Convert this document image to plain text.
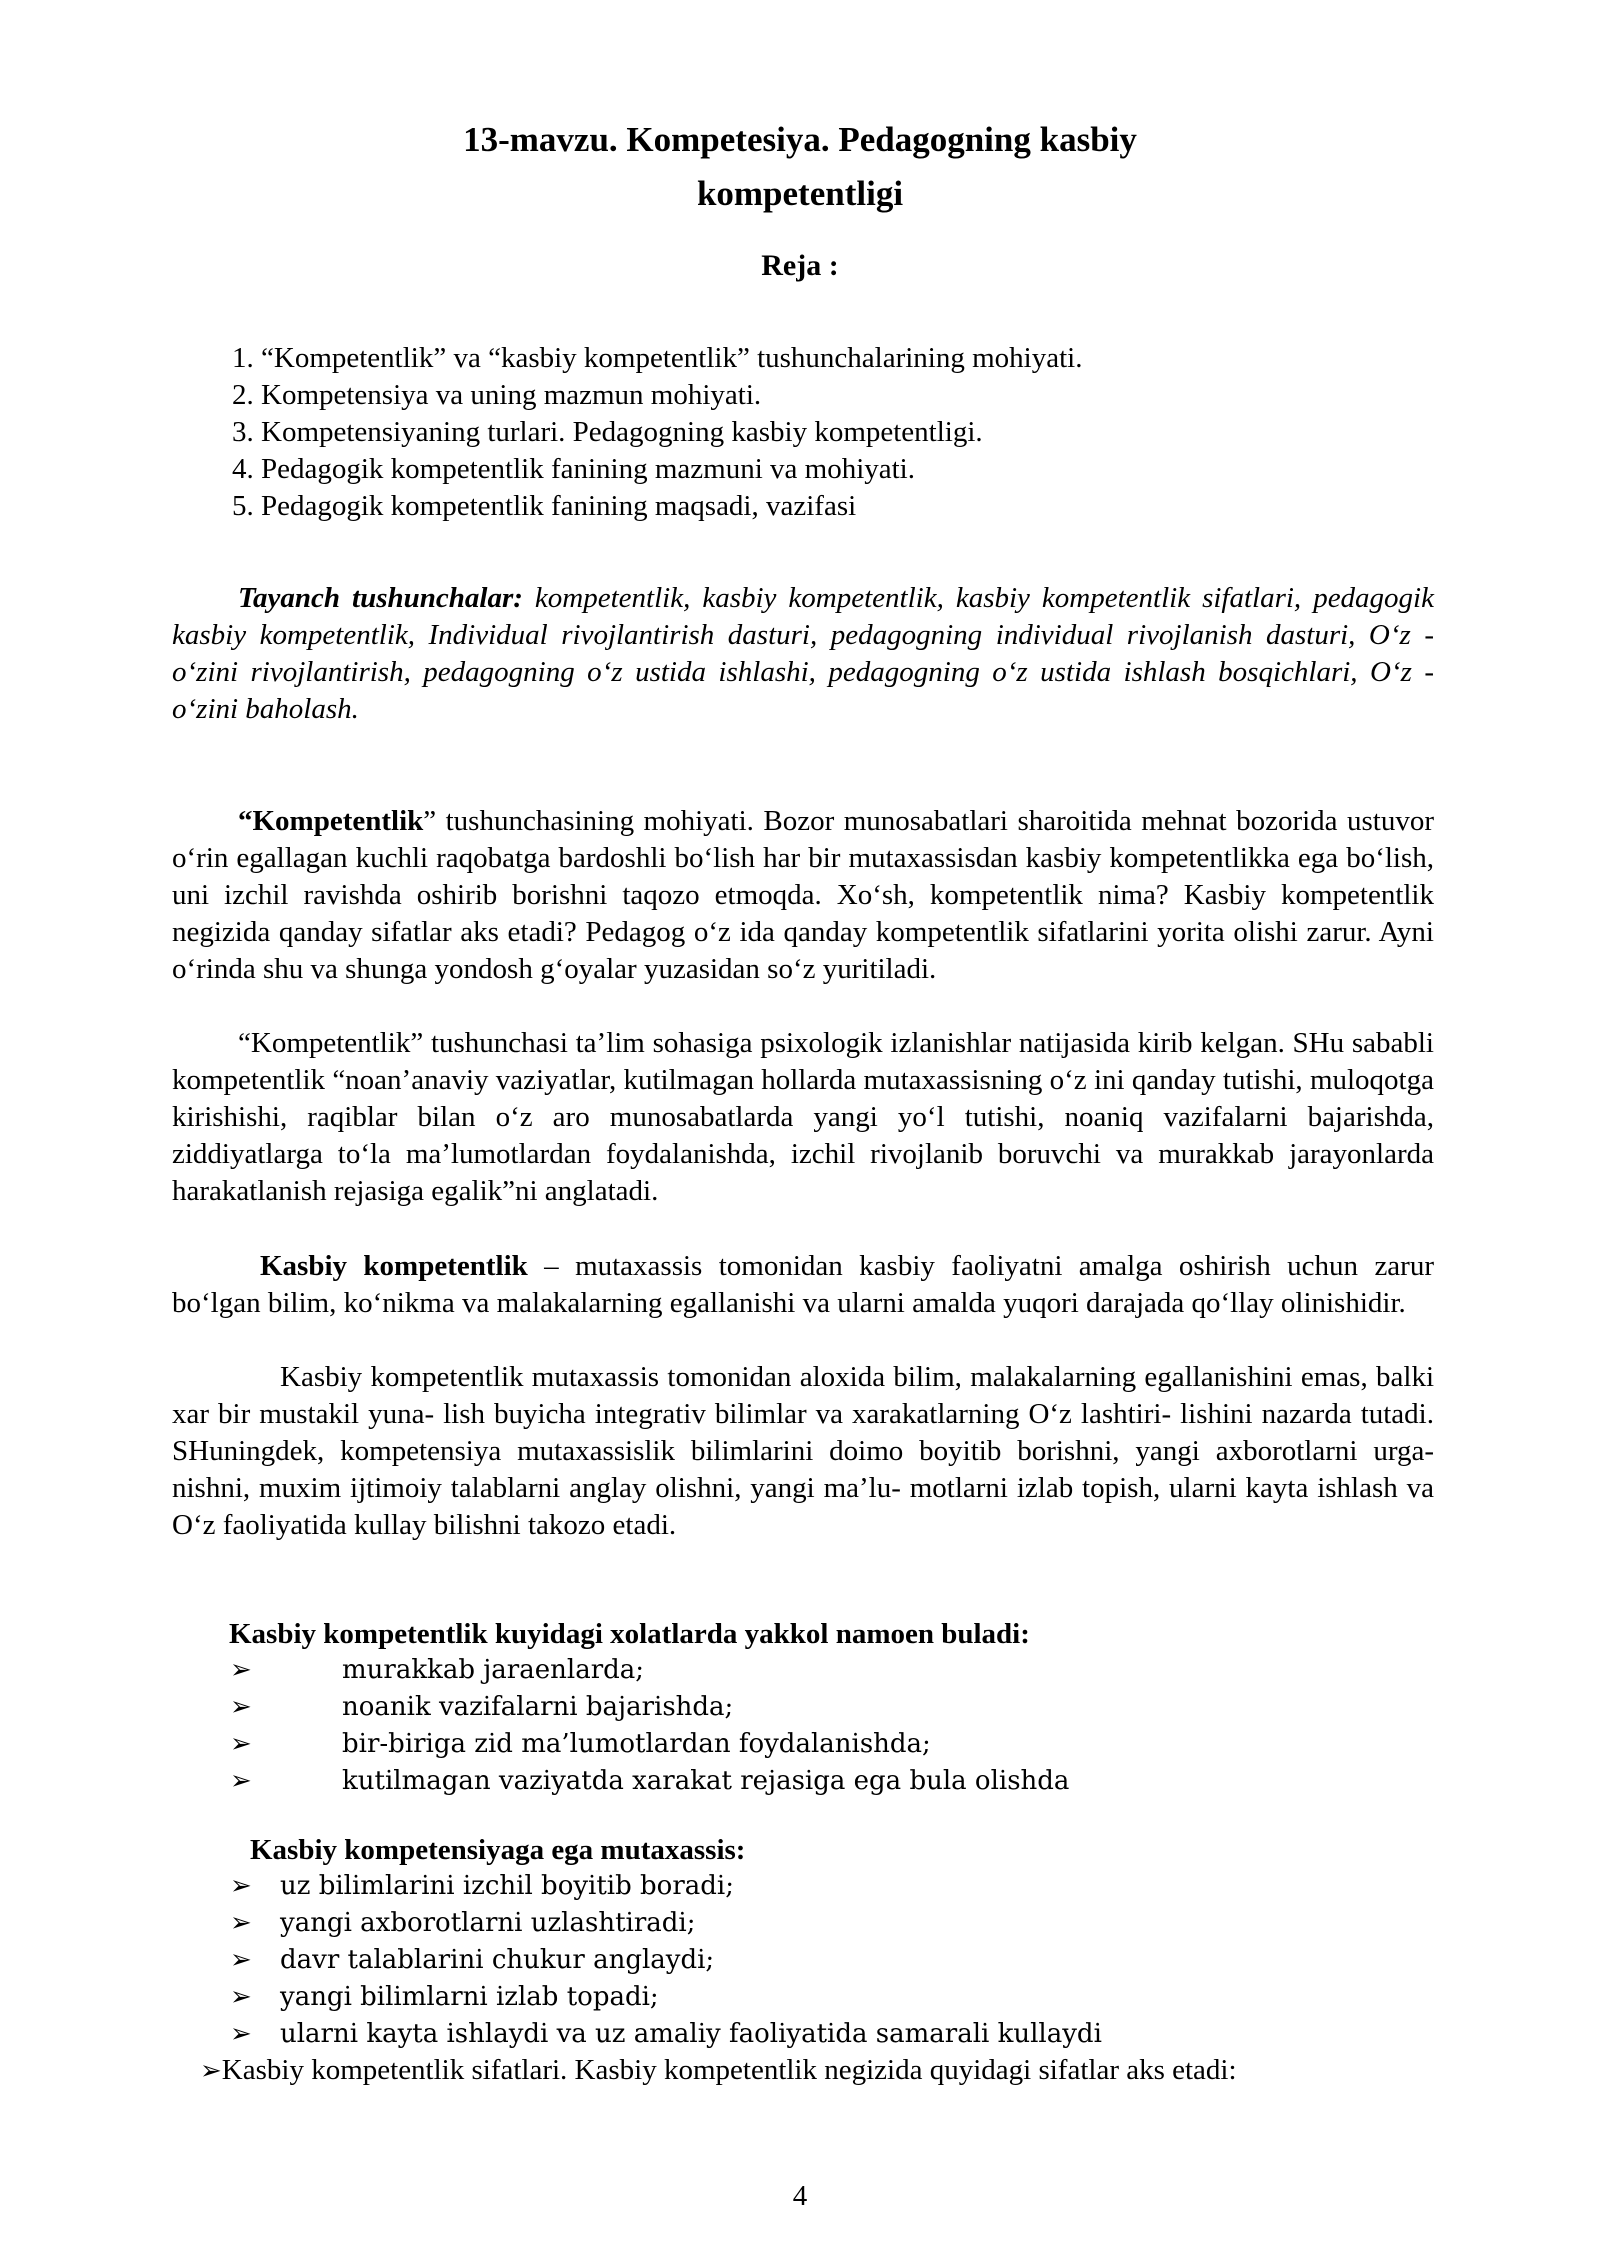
13-mavzu. Kompetesiya. Pedagogning kasbiy
kompetentligi
Reja :
1. “Kompetentlik” va “kasbiy kompetentlik” tushunchalarining mohiyati.
2. Kompetensiya va uning mazmun mohiyati.
3. Kompetensiyaning turlari. Pedagogning kasbiy kompetentligi.
4. Pedagogik kompetentlik fanining mazmuni va mohiyati.
5. Pedagogik kompetentlik fanining maqsadi, vazifasi
Tayanch tushunchalar: kompetentlik, kasbiy kompetentlik, kasbiy kompetentlik sifatlari, pedagogik kasbiy kompetentlik, Individual rivojlantirish dasturi, pedagogning individual rivojlanish dasturi, O‘z -o‘zini rivojlantirish, pedagogning o‘z ustida ishlashi, pedagogning o‘z ustida ishlash bosqichlari, O‘z -o‘zini baholash.
“Kompetentlik” tushunchasining mohiyati. Bozor munosabatlari sharoitida mehnat bozorida ustuvor o‘rin egallagan kuchli raqobatga bardoshli bo‘lish har bir mutaxassisdan kasbiy kompetentlikka ega bo‘lish, uni izchil ravishda oshirib borishni taqozo etmoqda. Xo‘sh, kompetentlik nima? Kasbiy kompetentlik negizida qanday sifatlar aks etadi? Pedagog o‘z ida qanday kompetentlik sifatlarini yorita olishi zarur. Ayni o‘rinda shu va shunga yondosh g‘oyalar yuzasidan so‘z yuritiladi.
“Kompetentlik” tushunchasi ta’lim sohasiga psixologik izlanishlar natijasida kirib kelgan. SHu sababli kompetentlik “noan’anaviy vaziyatlar, kutilmagan hollarda mutaxassisning o‘z ini qanday tutishi, muloqotga kirishishi, raqiblar bilan o‘z aro munosabatlarda yangi yo‘l tutishi, noaniq vazifalarni bajarishda, ziddiyatlarga to‘la ma’lumotlardan foydalanishda, izchil rivojlanib boruvchi va murakkab jarayonlarda harakatlanish rejasiga egalik”ni anglatadi.
Kasbiy kompetentlik – mutaxassis tomonidan kasbiy faoliyatni amalga oshirish uchun zarur bo‘lgan bilim, ko‘nikma va malakalarning egallanishi va ularni amalda yuqori darajada qo‘llay olinishidir.
Kasbiy kompetentlik mutaxassis tomonidan aloxida bilim, malakalarning egallanishini emas, balki xar bir mustakil yuna- lish buyicha integrativ bilimlar va xarakatlarning O‘z lashtiri- lishini nazarda tutadi. SHuningdek, kompetensiya mutaxassislik bilimlarini doimo boyitib borishni, yangi axborotlarni urga- nishni, muxim ijtimoiy talablarni anglay olishni, yangi ma’lu- motlarni izlab topish, ularni kayta ishlash va O‘z faoliyatida kullay bilishni takozo etadi.
Kasbiy kompetentlik kuyidagi xolatlarda yakkol namoen buladi:
➢	murakkab jaraenlarda;
➢	noanik vazifalarni bajarishda;
➢	bir-biriga zid ma’lumotlardan foydalanishda;
➢	kutilmagan vaziyatda xarakat rejasiga ega bula olishda
Kasbiy kompetensiyaga ega mutaxassis:
➢ uz bilimlarini izchil boyitib boradi;
➢ yangi axborotlarni uzlashtiradi;
➢ davr talablarini chukur anglaydi;
➢ yangi bilimlarni izlab topadi;
➢ ularni kayta ishlaydi va uz amaliy faoliyatida samarali kullaydi
➢Kasbiy kompetentlik sifatlari. Kasbiy kompetentlik negizida quyidagi sifatlar aks etadi:
4
